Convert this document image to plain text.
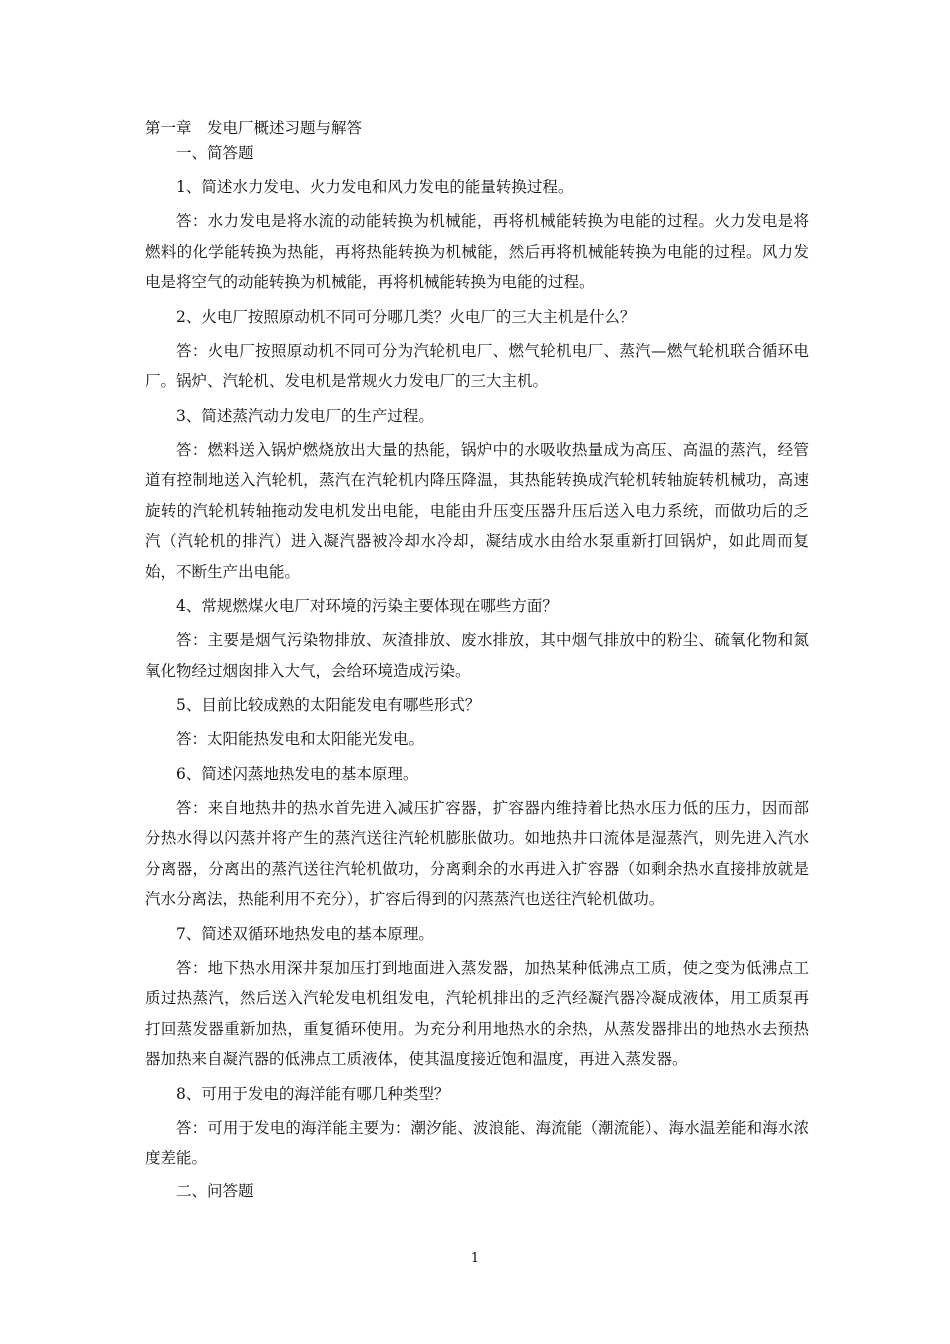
第一章　发电厂概述习题与解答

一、简答题

1、简述水力发电、火力发电和风力发电的能量转换过程。

答：水力发电是将水流的动能转换为机械能，再将机械能转换为电能的过程。火力发电是将燃料的化学能转换为热能，再将热能转换为机械能，然后再将机械能转换为电能的过程。风力发电是将空气的动能转换为机械能，再将机械能转换为电能的过程。

2、火电厂按照原动机不同可分哪几类？火电厂的三大主机是什么？

答：火电厂按照原动机不同可分为汽轮机电厂、燃气轮机电厂、蒸汽—燃气轮机联合循环电厂。锅炉、汽轮机、发电机是常规火力发电厂的三大主机。

3、简述蒸汽动力发电厂的生产过程。

答：燃料送入锅炉燃烧放出大量的热能，锅炉中的水吸收热量成为高压、高温的蒸汽，经管道有控制地送入汽轮机，蒸汽在汽轮机内降压降温，其热能转换成汽轮机转轴旋转机械功，高速旋转的汽轮机转轴拖动发电机发出电能，电能由升压变压器升压后送入电力系统，而做功后的乏汽（汽轮机的排汽）进入凝汽器被冷却水冷却，凝结成水由给水泵重新打回锅炉，如此周而复始，不断生产出电能。

4、常规燃煤火电厂对环境的污染主要体现在哪些方面？

答：主要是烟气污染物排放、灰渣排放、废水排放，其中烟气排放中的粉尘、硫氧化物和氮氧化物经过烟囱排入大气，会给环境造成污染。

5、目前比较成熟的太阳能发电有哪些形式？

答：太阳能热发电和太阳能光发电。

6、简述闪蒸地热发电的基本原理。

答：来自地热井的热水首先进入减压扩容器，扩容器内维持着比热水压力低的压力，因而部分热水得以闪蒸并将产生的蒸汽送往汽轮机膨胀做功。如地热井口流体是湿蒸汽，则先进入汽水分离器，分离出的蒸汽送往汽轮机做功，分离剩余的水再进入扩容器（如剩余热水直接排放就是汽水分离法，热能利用不充分），扩容后得到的闪蒸蒸汽也送往汽轮机做功。

7、简述双循环地热发电的基本原理。

答：地下热水用深井泵加压打到地面进入蒸发器，加热某种低沸点工质，使之变为低沸点工质过热蒸汽，然后送入汽轮发电机组发电，汽轮机排出的乏汽经凝汽器冷凝成液体，用工质泵再打回蒸发器重新加热，重复循环使用。为充分利用地热水的余热，从蒸发器排出的地热水去预热器加热来自凝汽器的低沸点工质液体，使其温度接近饱和温度，再进入蒸发器。

8、可用于发电的海洋能有哪几种类型？

答：可用于发电的海洋能主要为：潮汐能、波浪能、海流能（潮流能）、海水温差能和海水浓度差能。

二、问答题

1
